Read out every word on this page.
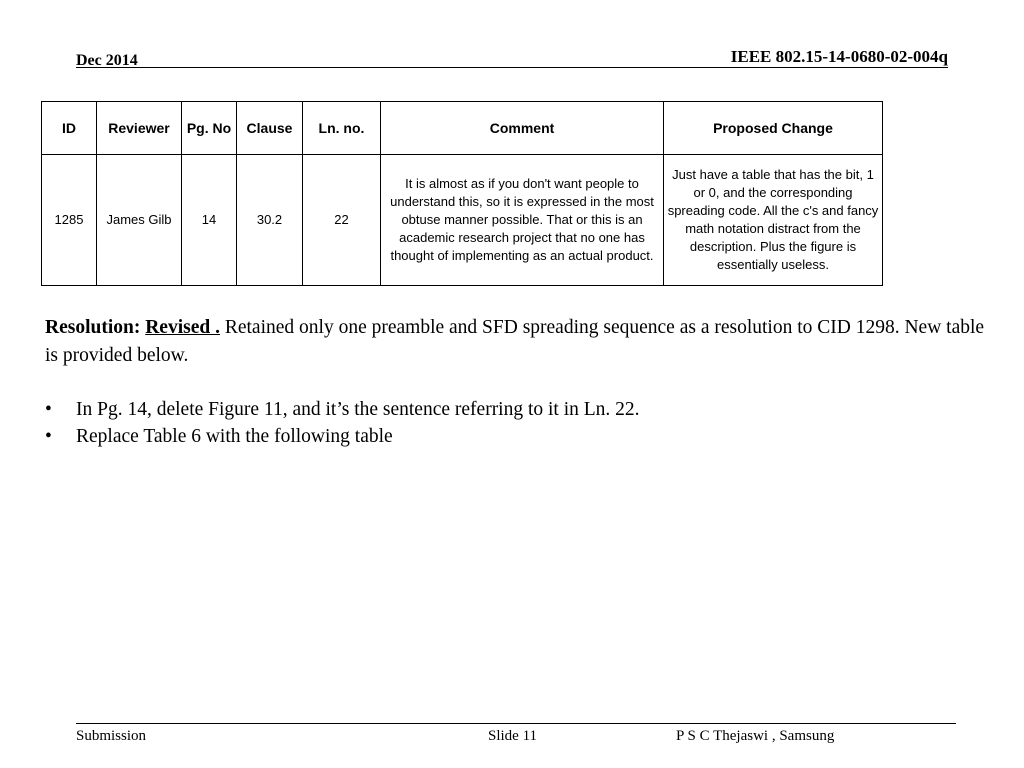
Dec 2014	IEEE 802.15-14-0680-02-004q
ID	Reviewer	Pg. No	Clause	Ln. no.	Comment	Proposed Change
1285	James Gilb	14	30.2	22	It is almost as if you don't want people to understand this, so it is expressed in the most obtuse manner possible. That or this is an academic research project that no one has thought of implementing as an actual product.	Just have a table that has the bit, 1 or 0, and the corresponding spreading code. All the c's and fancy math notation distract from the description. Plus the figure is essentially useless.
Resolution: Revised . Retained only one preamble and SFD spreading sequence as a resolution to CID 1298. New table is provided below.
• In Pg. 14, delete Figure 11, and it’s the sentence referring to it in Ln. 22.
• Replace Table 6 with the following table
Submission	Slide 11	P S C Thejaswi , Samsung
